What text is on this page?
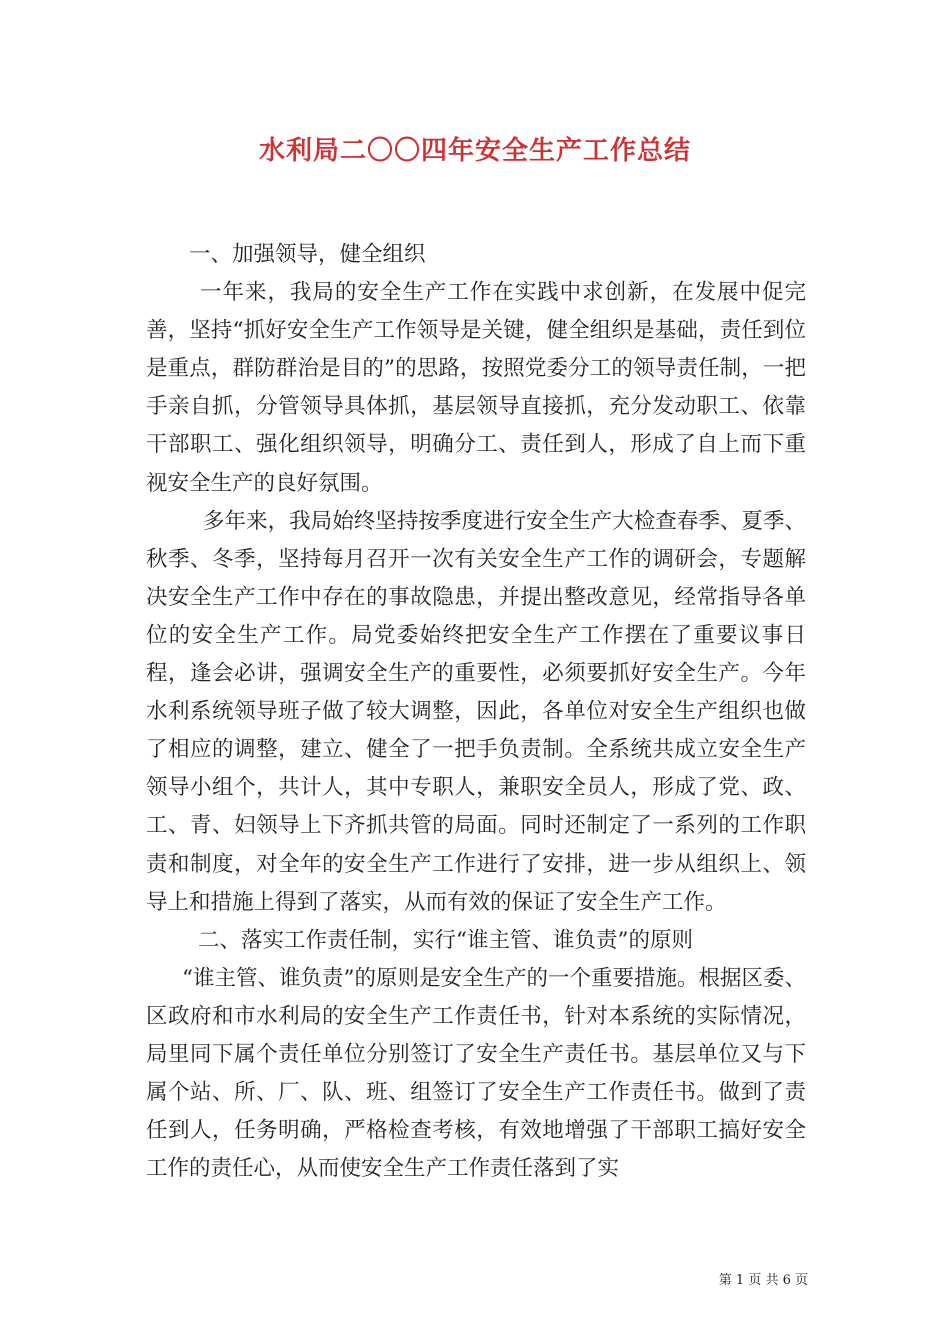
水利局二〇〇四年安全生产工作总结

一、加强领导，健全组织

一年来，我局的安全生产工作在实践中求创新，在发展中促完善，坚持“抓好安全生产工作领导是关键，健全组织是基础，责任到位是重点，群防群治是目的”的思路，按照党委分工的领导责任制，一把手亲自抓，分管领导具体抓，基层领导直接抓，充分发动职工、依靠干部职工、强化组织领导，明确分工、责任到人，形成了自上而下重视安全生产的良好氛围。

多年来，我局始终坚持按季度进行安全生产大检查春季、夏季、秋季、冬季，坚持每月召开一次有关安全生产工作的调研会，专题解决安全生产工作中存在的事故隐患，并提出整改意见，经常指导各单位的安全生产工作。局党委始终把安全生产工作摆在了重要议事日程，逢会必讲，强调安全生产的重要性，必须要抓好安全生产。今年水利系统领导班子做了较大调整，因此，各单位对安全生产组织也做了相应的调整，建立、健全了一把手负责制。全系统共成立安全生产领导小组个，共计人，其中专职人，兼职安全员人，形成了党、政、工、青、妇领导上下齐抓共管的局面。同时还制定了一系列的工作职责和制度，对全年的安全生产工作进行了安排，进一步从组织上、领导上和措施上得到了落实，从而有效的保证了安全生产工作。

二、落实工作责任制，实行“谁主管、谁负责”的原则

“谁主管、谁负责”的原则是安全生产的一个重要措施。根据区委、区政府和市水利局的安全生产工作责任书，针对本系统的实际情况，局里同下属个责任单位分别签订了安全生产责任书。基层单位又与下属个站、所、厂、队、班、组签订了安全生产工作责任书。做到了责任到人，任务明确，严格检查考核，有效地增强了干部职工搞好安全工作的责任心，从而使安全生产工作责任落到了实

第 1 页 共 6 页
